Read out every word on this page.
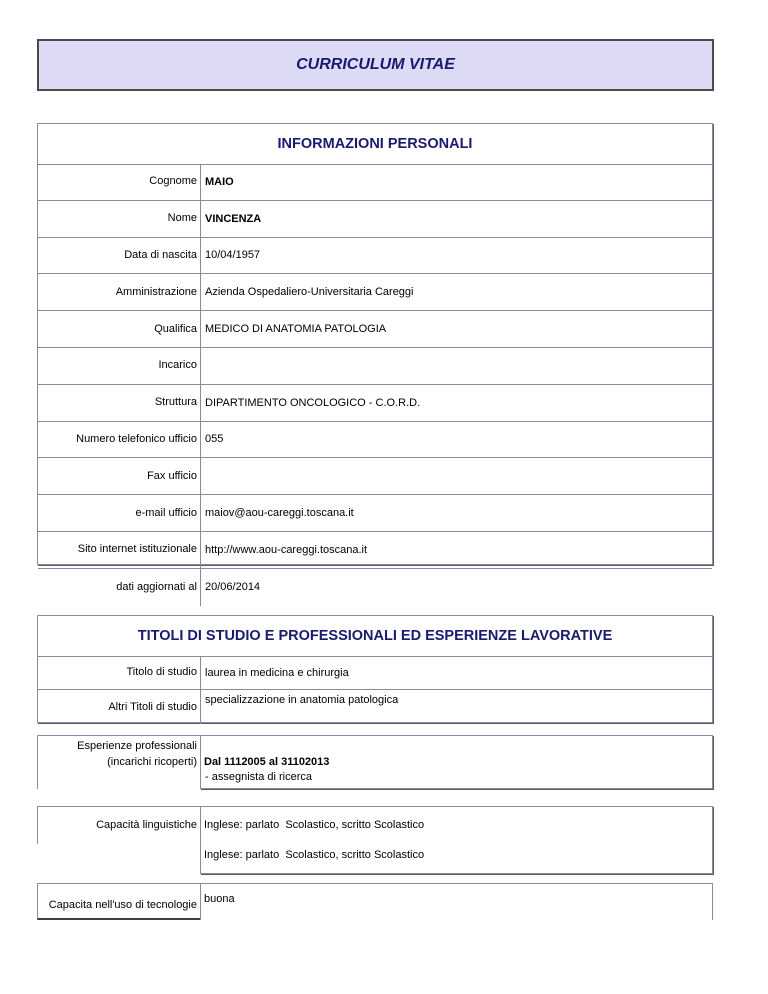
CURRICULUM VITAE
INFORMAZIONI PERSONALI
Cognome MAIO
Nome VINCENZA
Data di nascita 10/04/1957
Amministrazione Azienda Ospedaliero-Universitaria Careggi
Qualifica MEDICO DI ANATOMIA PATOLOGIA
Incarico
Struttura DIPARTIMENTO ONCOLOGICO - C.O.R.D.
Numero telefonico ufficio 055
Fax ufficio
e-mail ufficio maiov@aou-careggi.toscana.it
Sito internet istituzionale http://www.aou-careggi.toscana.it
dati aggiornati al 20/06/2014
TITOLI DI STUDIO E PROFESSIONALI ED ESPERIENZE LAVORATIVE
Titolo di studio laurea in medicina e chirurgia
Altri Titoli di studio
specializzazione in anatomia patologica
Esperienze professionali
(incarichi ricoperti) Dal 1112005 al 31102013
- assegnista di ricerca
Capacità linguistiche Inglese: parlato  Scolastico, scritto Scolastico
Inglese: parlato  Scolastico, scritto Scolastico
Capacita nell'uso di tecnologie buona
